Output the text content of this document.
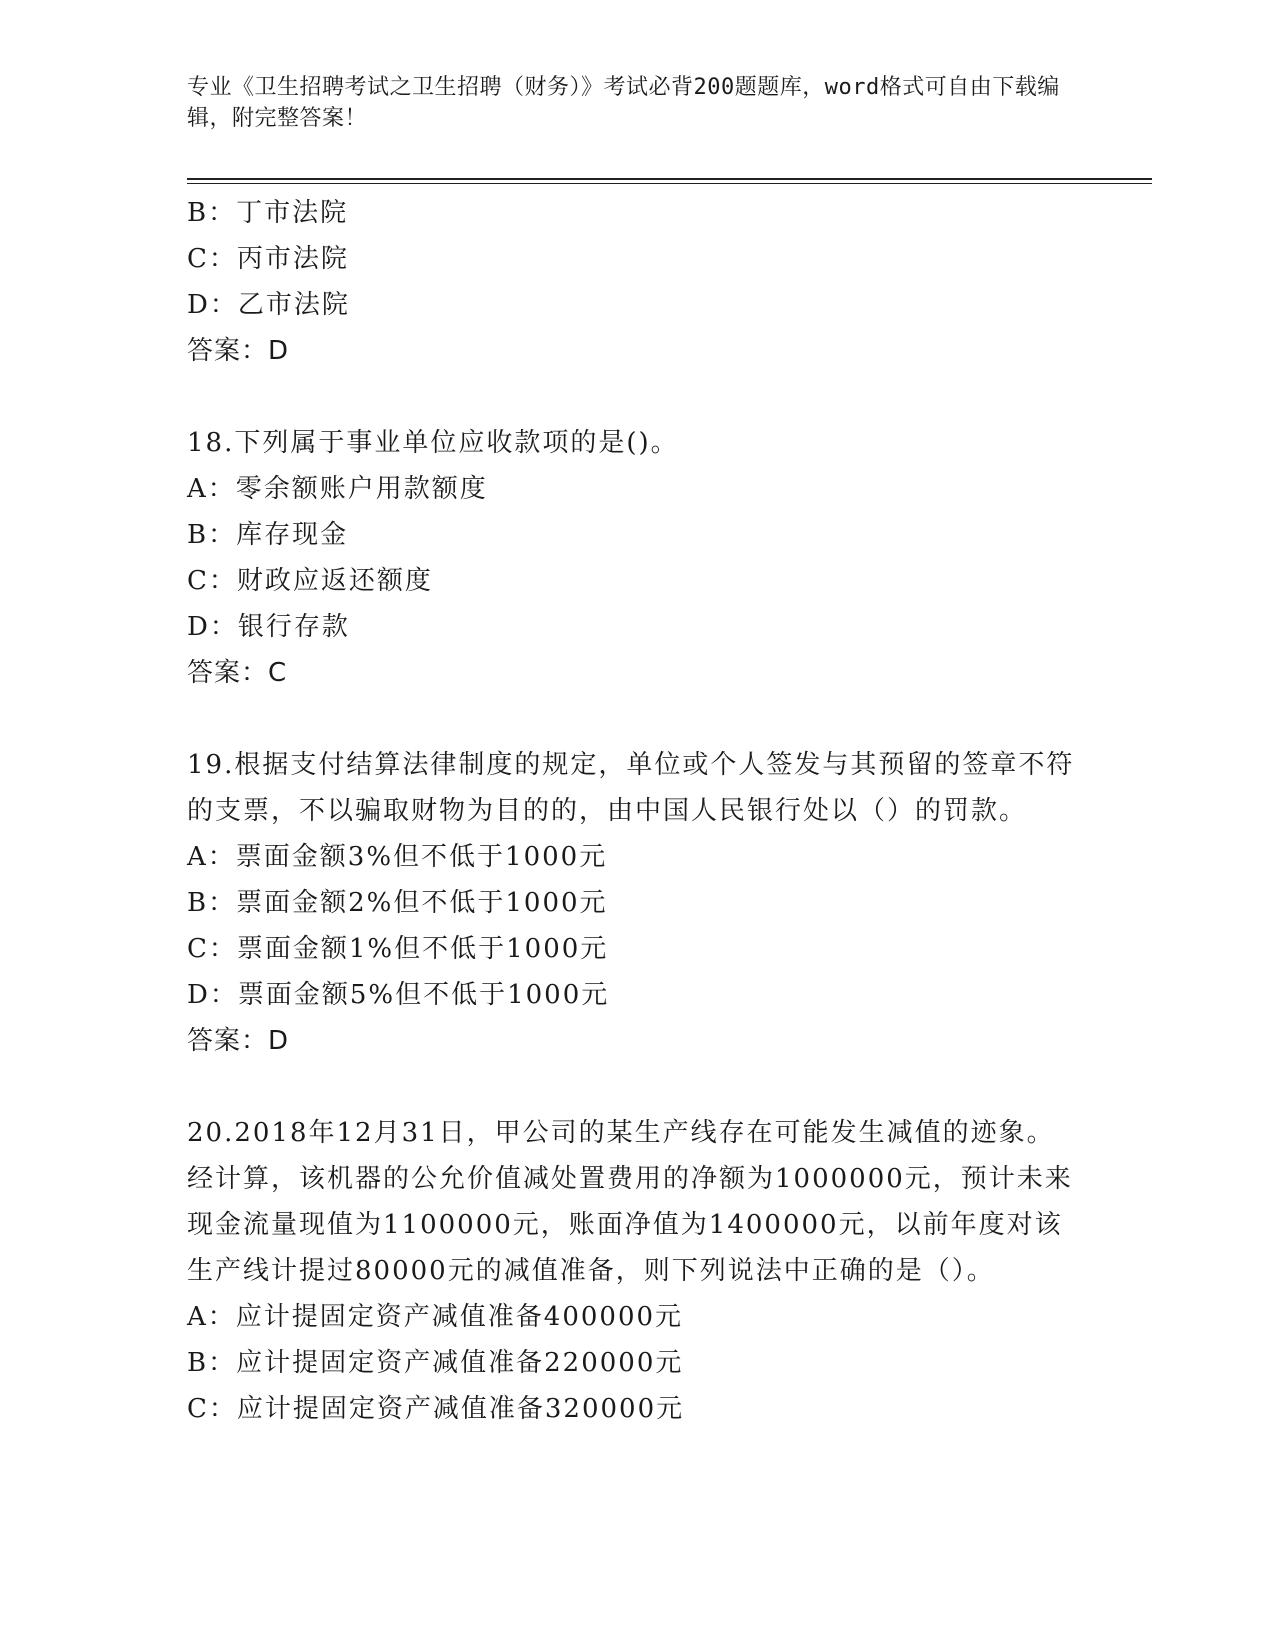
专业《卫生招聘考试之卫生招聘（财务）》考试必背200题题库，word格式可自由下载编辑，附完整答案！
B：丁市法院
C：丙市法院
D：乙市法院
答案：D
18.下列属于事业单位应收款项的是()。
A：零余额账户用款额度
B：库存现金
C：财政应返还额度
D：银行存款
答案：C
19.根据支付结算法律制度的规定，单位或个人签发与其预留的签章不符的支票，不以骗取财物为目的的，由中国人民银行处以（）的罚款。
A：票面金额3%但不低于1000元
B：票面金额2%但不低于1000元
C：票面金额1%但不低于1000元
D：票面金额5%但不低于1000元
答案：D
20.2018年12月31日，甲公司的某生产线存在可能发生减值的迹象。经计算，该机器的公允价值减处置费用的净额为1000000元，预计未来现金流量现值为1100000元，账面净值为1400000元，以前年度对该生产线计提过80000元的减值准备，则下列说法中正确的是（）。
A：应计提固定资产减值准备400000元
B：应计提固定资产减值准备220000元
C：应计提固定资产减值准备320000元
